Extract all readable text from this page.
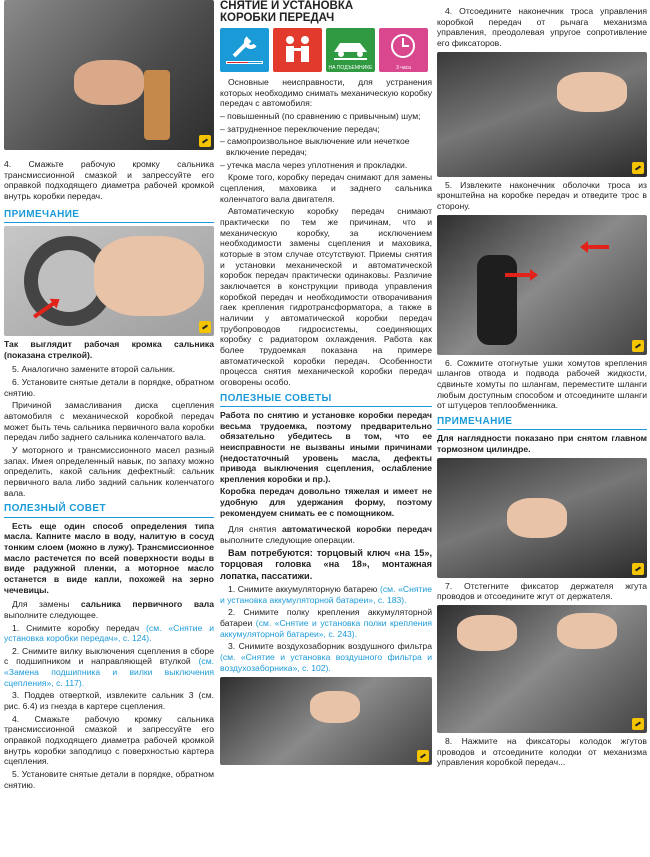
4. Смажьте рабочую кромку сальника трансмиссионной смазкой и запрессуйте его оправкой подходящего диаметра рабочей кромкой внутрь коробки передач.

ПРИМЕЧАНИЕ

Так выглядит рабочая кромка сальника (показана стрелкой).

5. Аналогично замените второй сальник.

6. Установите снятые детали в порядке, обратном снятию.

Причиной замасливания диска сцепления автомобиля с механической коробкой передач может быть течь сальника первичного вала коробки передач либо заднего сальника коленчатого вала.

У моторного и трансмиссионного масел разный запах. Имея определенный навык, по запаху можно определить, какой сальник дефектный: сальник первичного вала либо задний сальник коленчатого вала.

ПОЛЕЗНЫЙ СОВЕТ

Есть еще один способ определения типа масла. Капните масло в воду, налитую в сосуд тонким слоем (можно в лужу). Трансмиссионное масло растечется по всей поверхности воды в виде радужной пленки, а моторное масло останется в виде капли, похожей на зерно чечевицы.

Для замены сальника первичного вала выполните следующее.

1. Снимите коробку передач (см. «Снятие и установка коробки передач», с. 124).

2. Снимите вилку выключения сцепления в сборе с подшипником и направляющей втулкой (см. «Замена подшипника и вилки выключения сцепления», с. 117).

3. Поддев отверткой, извлеките сальник 3 (см. рис. 6.4) из гнезда в картере сцепления.

4. Смажьте рабочую кромку сальника трансмиссионной смазкой и запрессуйте его оправкой подходящего диаметра рабочей кромкой внутрь коробки заподлицо с поверхностью картера сцепления.

5. Установите снятые детали в порядке, обратном снятию.

СНЯТИЕ И УСТАНОВКА
КОРОБКИ ПЕРЕДАЧ
НА ПОДЪЕМНИКЕ	3 часа

Основные неисправности, для устранения которых необходимо снимать механическую коробку передач с автомобиля:

– повышенный (по сравнению с привычным) шум;

– затрудненное переключение передач;

– самопроизвольное выключение или нечеткое включение передач;

– утечка масла через уплотнения и прокладки.

Кроме того, коробку передач снимают для замены сцепления, маховика и заднего сальника коленчатого вала двигателя.

Автоматическую коробку передач снимают практически по тем же причинам, что и механическую коробку, за исключением необходимости замены сцепления и маховика, которые в этом случае отсутствуют. Приемы снятия и установки механической и автоматической коробок передач практически одинаковы. Различие заключается в конструкции привода управления коробкой передач и необходимости отворачивания гаек крепления гидротрансформатора, а также в наличии у автоматической коробки передач трубопроводов гидросистемы, соединяющих коробку с радиатором охлаждения. Работа как более трудоемкая показана на примере автоматической коробки передач. Особенности процесса снятия механической коробки передач оговорены особо.

ПОЛЕЗНЫЕ СОВЕТЫ

Работа по снятию и установке коробки передач весьма трудоемка, поэтому предварительно обязательно убедитесь в том, что ее неисправности не вызваны иными причинами (недостаточный уровень масла, дефекты привода выключения сцепления, ослабление крепления коробки и пр.).

Коробка передач довольно тяжелая и имеет не удобную для удержания форму, поэтому рекомендуем снимать ее с помощником.

Для снятия автоматической коробки передач выполните следующие операции.

Вам потребуются: торцовый ключ «на 15», торцовая головка «на 18», монтажная лопатка, пассатижи.

1. Снимите аккумуляторную батарею (см. «Снятие и установка аккумуляторной батареи», с. 183).

2. Снимите полку крепления аккумуляторной батареи (см. «Снятие и установка полки крепления аккумуляторной батареи», с. 243).

3. Снимите воздухозаборник воздушного фильтра (см. «Снятие и установка воздушного фильтра и воздухозаборника», с. 102).

4. Отсоедините наконечник троса управления коробкой передач от рычага механизма управления, преодолевая упругое сопротивление его фиксаторов.

5. Извлеките наконечник оболочки троса из кронштейна на коробке передач и отведите трос в сторону.

6. Сожмите отогнутые ушки хомутов крепления шлангов отвода и подвода рабочей жидкости, сдвиньте хомуты по шлангам, переместите шланги любым доступным способом и отсоедините шланги от штуцеров теплообменника.

ПРИМЕЧАНИЕ

Для наглядности показано при снятом главном тормозном цилиндре.

7. Отстегните фиксатор держателя жгута проводов и отсоедините жгут от держателя.

8. Нажмите на фиксаторы колодок жгутов проводов и отсоедините колодки от механизма управления коробкой передач...
